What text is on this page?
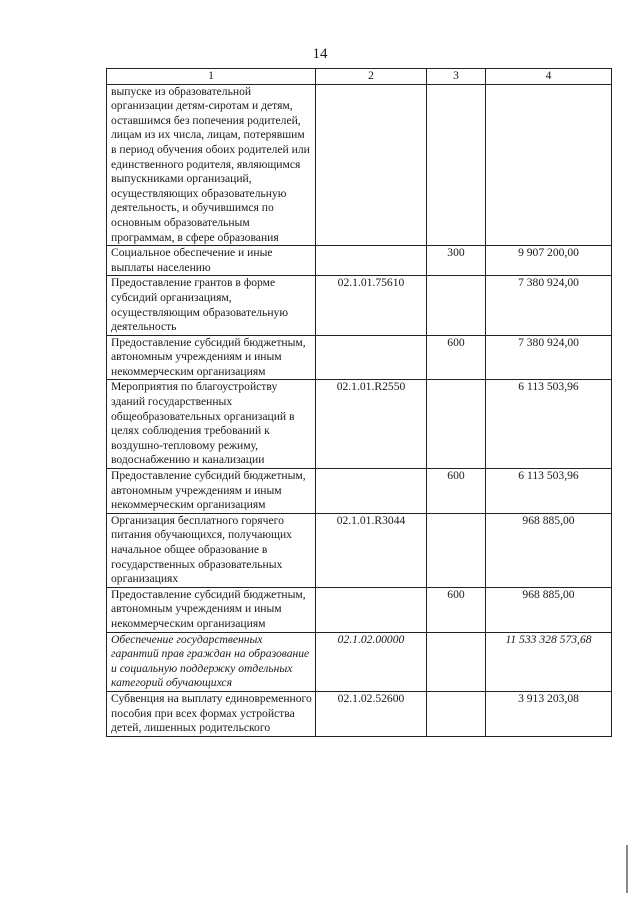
14
1	2	3	4
выпуске из образовательной организации детям-сиротам и детям, оставшимся без попечения родителей, лицам из их числа, лицам, потерявшим в период обучения обоих родителей или единственного родителя, являющимся выпускниками организаций, осуществляющих образовательную деятельность, и обучившимся по основным образовательным программам, в сфере образования			
Социальное обеспечение и иные выплаты населению		300	9 907 200,00
Предоставление грантов в форме субсидий организациям, осуществляющим образовательную деятельность	02.1.01.75610		7 380 924,00
Предоставление субсидий бюджетным, автономным учреждениям и иным некоммерческим организациям		600	7 380 924,00
Мероприятия по благоустройству зданий государственных общеобразовательных организаций в целях соблюдения требований к воздушно-тепловому режиму, водоснабжению и канализации	02.1.01.R2550		6 113 503,96
Предоставление субсидий бюджетным, автономным учреждениям и иным некоммерческим организациям		600	6 113 503,96
Организация бесплатного горячего питания обучающихся, получающих начальное общее образование в государственных образовательных организациях	02.1.01.R3044		968 885,00
Предоставление субсидий бюджетным, автономным учреждениям и иным некоммерческим организациям		600	968 885,00
Обеспечение государственных гарантий прав граждан на образование и социальную поддержку отдельных категорий обучающихся	02.1.02.00000		11 533 328 573,68
Субвенция на выплату единовременного пособия при всех формах устройства детей, лишенных родительского	02.1.02.52600		3 913 203,08
